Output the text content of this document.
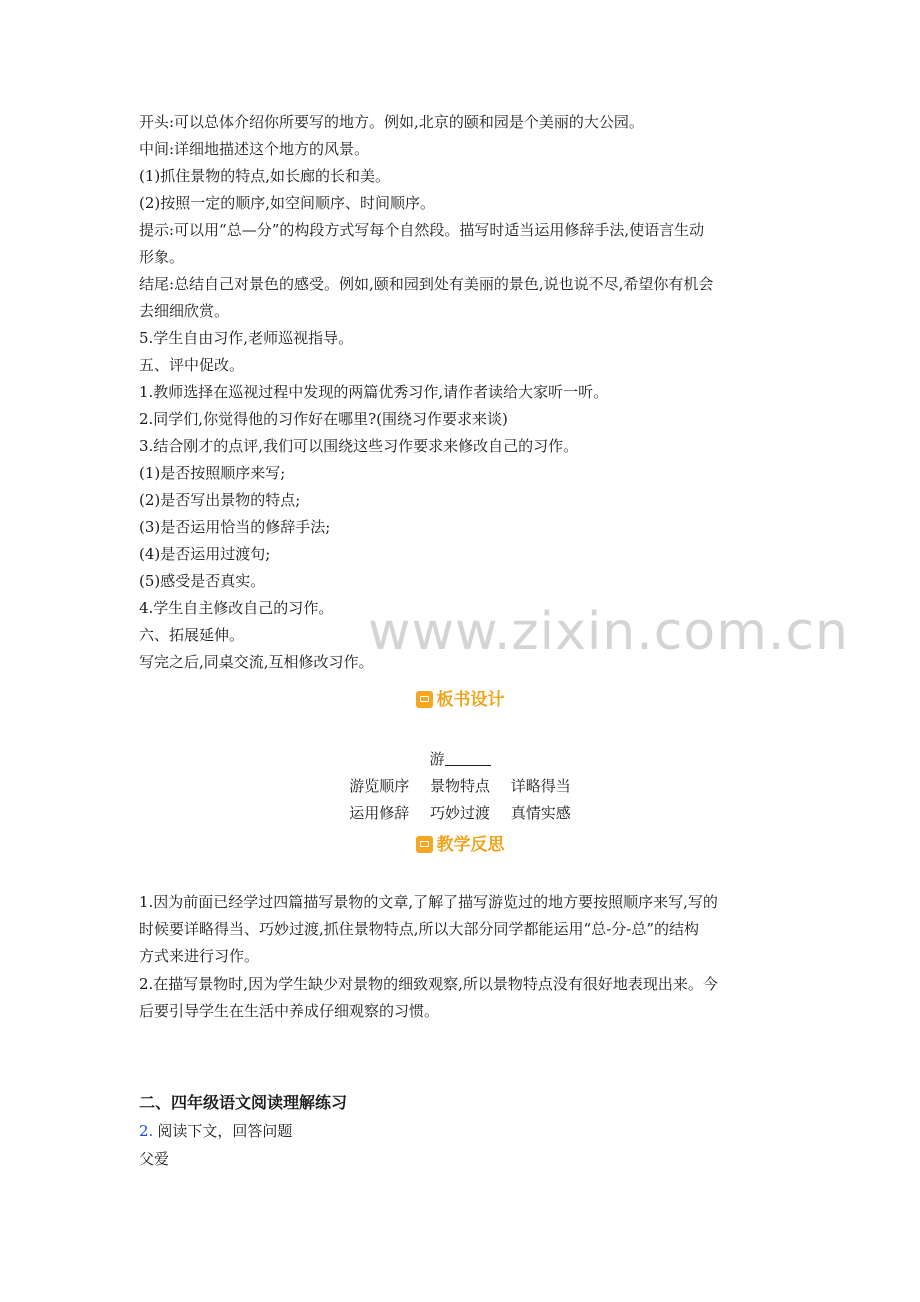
www.zixin.com.cn
开头:可以总体介绍你所要写的地方。例如,北京的颐和园是个美丽的大公园。
中间:详细地描述这个地方的风景。
(1)抓住景物的特点,如长廊的长和美。
(2)按照一定的顺序,如空间顺序、时间顺序。
提示:可以用“总—分”的构段方式写每个自然段。描写时适当运用修辞手法,使语言生动
形象。
结尾:总结自己对景色的感受。例如,颐和园到处有美丽的景色,说也说不尽,希望你有机会
去细细欣赏。
5.学生自由习作,老师巡视指导。
五、评中促改。
1.教师选择在巡视过程中发现的两篇优秀习作,请作者读给大家听一听。
2.同学们,你觉得他的习作好在哪里?(围绕习作要求来谈)
3.结合刚才的点评,我们可以围绕这些习作要求来修改自己的习作。
(1)是否按照顺序来写;
(2)是否写出景物的特点;
(3)是否运用恰当的修辞手法;
(4)是否运用过渡句;
(5)感受是否真实。
4.学生自主修改自己的习作。
六、拓展延伸。
写完之后,同桌交流,互相修改习作。
板书设计
游
游览顺序 景物特点 详略得当
运用修辞 巧妙过渡 真情实感
教学反思
1.因为前面已经学过四篇描写景物的文章,了解了描写游览过的地方要按照顺序来写,写的
时候要详略得当、巧妙过渡,抓住景物特点,所以大部分同学都能运用“总-分-总”的结构
方式来进行习作。
2.在描写景物时,因为学生缺少对景物的细致观察,所以景物特点没有很好地表现出来。今
后要引导学生在生活中养成仔细观察的习惯。
二、四年级语文阅读理解练习
2. 阅读下文，回答问题
父爱
